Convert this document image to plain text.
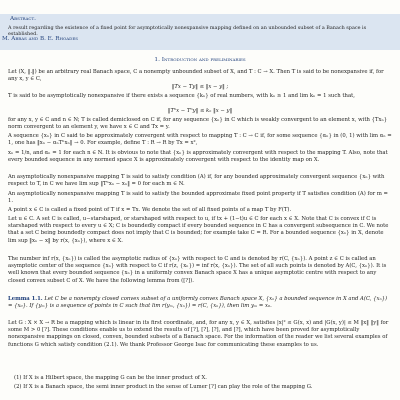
Abstract.
A result regarding the existence of a fixed point for asymptotically nonexpansive mapping defined on an unbounded subset of a Banach space is established.
M. Abbas and B. E. Rhoades
1. Introduction and preliminaries
Let (X, ‖.‖) be an arbitrary real Banach space, C a nonempty unbounded subset of X, and T : C → X. Then T is said to be nonexpansive if, for any x, y ∈ C,
‖Tx − Ty‖ ≤ ‖x − y‖ ;
T is said to be asymptotically nonexpansive if there exists a sequence {kₙ} of real numbers, with kₙ ≥ 1 and lim kₙ = 1 such that,
‖Tⁿx − Tⁿy‖ ≤ kₙ ‖x − y‖
for any x, y ∈ C and n ∈ N; T is called demiclosed on C if, for any sequence {xₙ} in C which is weakly convergent to an element x, with {Txₙ} norm convergent to an element y, we have x ∈ C and Tx = y.
A sequence {xₙ} in C said to be approximately convergent with respect to mapping T : C → C if, for some sequence {αₙ} in (0, 1) with lim αₙ = 1, one has ‖xₙ − αₙTⁿxₙ‖ → 0. For example, define T : R → R by Tx = x²,
xₙ = 1/n, and αₙ = 1 for each n ∈ N. It is obvious to note that {xₙ} is approximately convergent with respect to the mapping T. Also, note that every bounded sequence in any normed space X is approximately convergent with respect to the identity map on X.
An asymptotically nonexpansive mapping T is said to satisfy condition (A) if, for any bounded approximately convergent sequence {xₙ} with respect to T, in C we have lim sup ‖Tⁿxₙ − xₙ‖ = 0 for each m ∈ N.
An asymptotically nonexpansive mapping T is said to satisfy the bounded approximate fixed point property if T satisfies condition (A) for m = 1.
A point x ∈ C is called a fixed point of T if x = Tx. We denote the set of all fixed points of a map T by F(T).
Let u ∈ C. A set C is called, u−starshaped, or starshaped with respect to u, if tx + (1−t)u ∈ C for each x ∈ X. Note that C is convex if C is starshaped with respect to every u ∈ X; C is boundedly compact if every bounded sequence in C has a convergent subsequence in C. We note that a set C being boundedly compact does not imply that C is bounded; for example take C = R. For a bounded sequence {xₙ} in X, denote lim sup ‖xₙ − x‖ by r(x, {xₙ}), where x ∈ X.
The number inf r(x, {xₙ}) is called the asymptotic radius of {xₙ} with respect to C and is denoted by r(C, {xₙ}). A point z ∈ C is called an asymptotic center of the sequence {xₙ} with respect to C if r(z, {xₙ}) = inf r(x, {xₙ}). The set of all such points is denoted by A(C, {xₙ}). It is well known that every bounded sequence {xₙ} in a uniformly convex Banach space X has a unique asymptotic centre with respect to any closed convex subset C of X. We have the following lemma from ([?]).
Lemma 1.1. Let C be a nonempty closed convex subset of a uniformly convex Banach space X, {xₙ} a bounded sequence in X and A(C, {xₙ}) = {x₀}. If {yₘ} is a sequence of points in C such that lim r(yₘ, {xₙ}) = r(C, {xₙ}), then lim yₘ = x₀.
Let G : X × X → R be a mapping which is linear in its first coordinate, and, for any x, y ∈ X, satisfies |x|² ≤ G(x, x) and |G(x, y)| ≤ M ‖x‖ ‖y‖ for some M > 0 [?]. These conditions enable us to extend the results of [?], [?], [?], and [?], which have been proved for asymptotically nonexpansive mappings on closed, convex, bounded subsets of a Banach space. For the information of the reader we list several examples of functions G which satisfy condition (2.1). We thank Professor George Isac for communicating these examples to us.
(1) If X is a Hilbert space, the mapping G can be the inner product of X.
(2) If X is a Banach space, the semi inner product in the sense of Lumer [?] can play the role of the mapping G.
